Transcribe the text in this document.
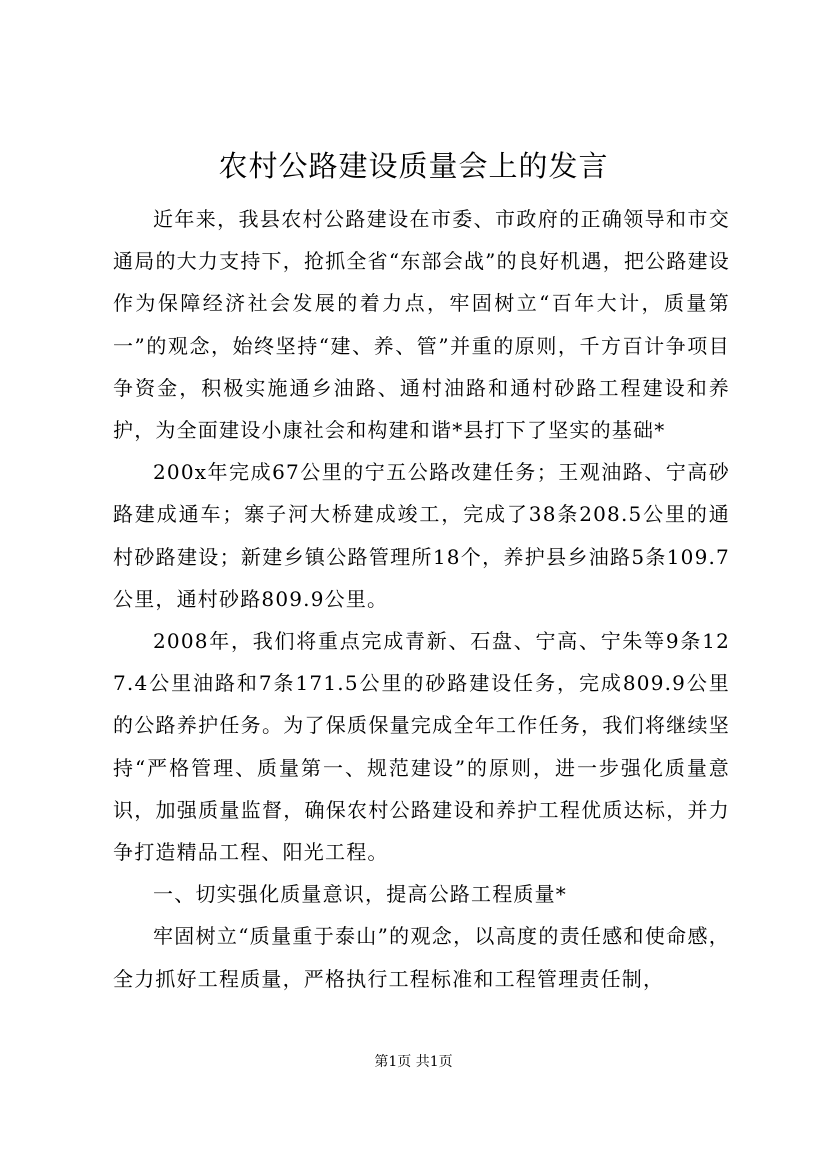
农村公路建设质量会上的发言

近年来，我县农村公路建设在市委、市政府的正确领导和市交通局的大力支持下，抢抓全省“东部会战”的良好机遇，把公路建设作为保障经济社会发展的着力点，牢固树立“百年大计，质量第一”的观念，始终坚持“建、养、管”并重的原则，千方百计争项目争资金，积极实施通乡油路、通村油路和通村砂路工程建设和养护，为全面建设小康社会和构建和谐*县打下了坚实的基础*

200x年完成67公里的宁五公路改建任务；王观油路、宁高砂路建成通车；寨子河大桥建成竣工，完成了38条208.5公里的通村砂路建设；新建乡镇公路管理所18个，养护县乡油路5条109.7公里，通村砂路809.9公里。

2008年，我们将重点完成青新、石盘、宁高、宁朱等9条127.4公里油路和7条171.5公里的砂路建设任务，完成809.9公里的公路养护任务。为了保质保量完成全年工作任务，我们将继续坚持“严格管理、质量第一、规范建设”的原则，进一步强化质量意识，加强质量监督，确保农村公路建设和养护工程优质达标，并力争打造精品工程、阳光工程。

一、切实强化质量意识，提高公路工程质量*

牢固树立“质量重于泰山”的观念，以高度的责任感和使命感，全力抓好工程质量，严格执行工程标准和工程管理责任制，

第1页 共1页
